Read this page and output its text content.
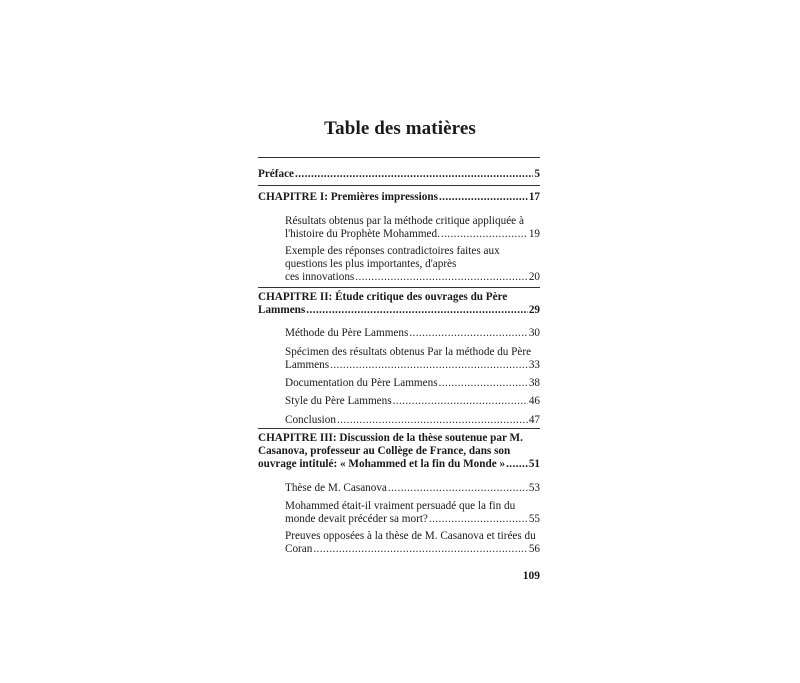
Table des matières
Préface .....	5
CHAPITRE I: Premières impressions .....	17
Résultats obtenus par la méthode critique appliquée à
l'histoire du Prophète Mohammed. .....	19
Exemple des réponses contradictoires faites aux questions les plus importantes, d'après
ces innovations .....	20
CHAPITRE II: Étude critique des ouvrages du Père
Lammens .....	29
Méthode du Père Lammens .....	30
Spécimen des résultats obtenus Par la méthode du Père
Lammens .....	33
Documentation du Père Lammens .....	38
Style du Père Lammens .....	46
Conclusion .....	47
CHAPITRE III: Discussion de la thèse soutenue par M. Casanova, professeur au Collège de France, dans son
ouvrage intitulé: « Mohammed et la fin du Monde » ..... 51
Thèse de M. Casanova .....	53
Mohammed était-il vraiment persuadé que la fin du
monde devait précéder sa mort? .....	55
Preuves opposées à la thèse de M. Casanova et tirées du
Coran .....	56
109
